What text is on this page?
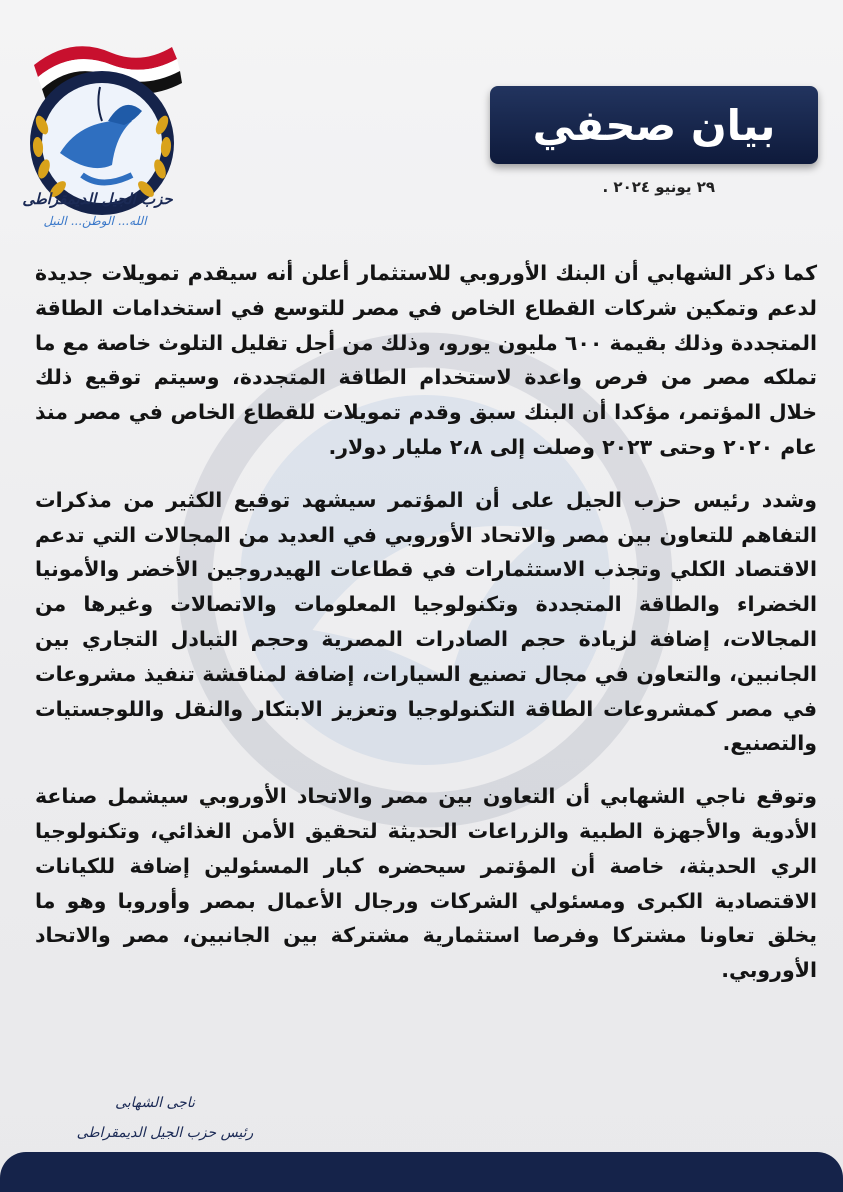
حزب الجيل الديمقراطى
الله... الوطن... النيل
بيان صحفي
٢٩ يونيو ٢٠٢٤ .

كما ذكر الشهابي أن البنك الأوروبي للاستثمار أعلن أنه سيقدم تمويلات جديدة لدعم وتمكين شركات القطاع الخاص في مصر للتوسع في استخدامات الطاقة المتجددة وذلك بقيمة ٦٠٠ مليون يورو، وذلك من أجل تقليل التلوث خاصة مع ما تملكه مصر من فرص واعدة لاستخدام الطاقة المتجددة، وسيتم توقيع ذلك خلال المؤتمر، مؤكدا أن البنك سبق وقدم تمويلات للقطاع الخاص في مصر منذ عام ٢٠٢٠ وحتى ٢٠٢٣ وصلت إلى ٢،٨ مليار دولار.

وشدد رئيس حزب الجيل على أن المؤتمر سيشهد توقيع الكثير من مذكرات التفاهم للتعاون بين مصر والاتحاد الأوروبي في العديد من المجالات التي تدعم الاقتصاد الكلي وتجذب الاستثمارات في قطاعات الهيدروجين الأخضر والأمونيا الخضراء والطاقة المتجددة وتكنولوجيا المعلومات والاتصالات وغيرها من المجالات، إضافة لزيادة حجم الصادرات المصرية وحجم التبادل التجاري بين الجانبين، والتعاون في مجال تصنيع السيارات، إضافة لمناقشة تنفيذ مشروعات في مصر كمشروعات الطاقة التكنولوجيا وتعزيز الابتكار والنقل واللوجستيات والتصنيع.

وتوقع ناجي الشهابي أن التعاون بين مصر والاتحاد الأوروبي سيشمل صناعة الأدوية والأجهزة الطبية والزراعات الحديثة لتحقيق الأمن الغذائي، وتكنولوجيا الري الحديثة، خاصة أن المؤتمر سيحضره كبار المسئولين إضافة للكيانات الاقتصادية الكبرى ومسئولي الشركات ورجال الأعمال بمصر وأوروبا وهو ما يخلق تعاونا مشتركا وفرصا استثمارية مشتركة بين الجانبين، مصر والاتحاد الأوروبي.

ناجى الشهابى
رئيس حزب الجيل الديمقراطى
